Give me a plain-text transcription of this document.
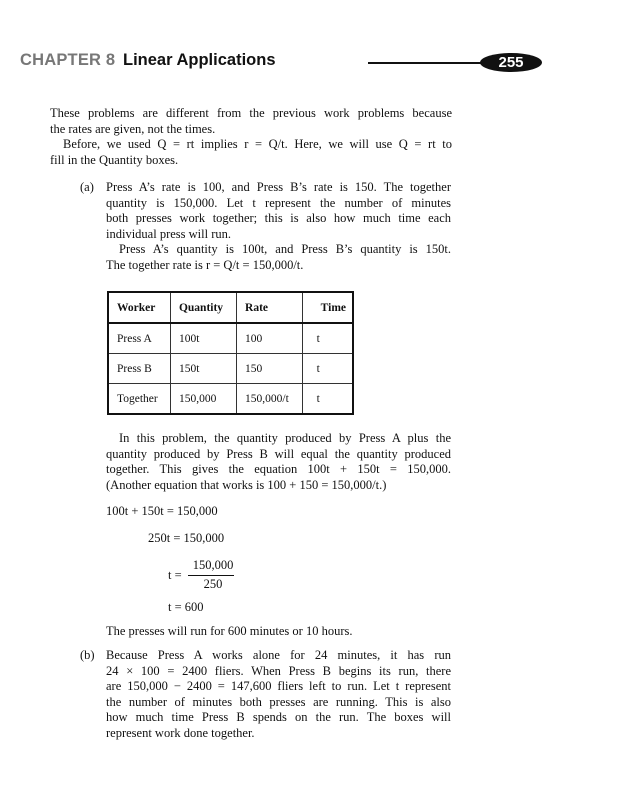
CHAPTER 8 Linear Applications	255
These problems are different from the previous work problems because
the rates are given, not the times.
Before, we used Q = rt implies r = Q/t. Here, we will use Q = rt to
fill in the Quantity boxes.
(a) Press A’s rate is 100, and Press B’s rate is 150. The together
quantity is 150,000. Let t represent the number of minutes
both presses work together; this is also how much time each
individual press will run.
Press A’s quantity is 100t, and Press B’s quantity is 150t.
The together rate is r = Q/t = 150,000/t.
Worker	Quantity	Rate	Time
Press A	100t	100	t
Press B	150t	150	t
Together	150,000	150,000/t	t
In this problem, the quantity produced by Press A plus the
quantity produced by Press B will equal the quantity produced
together. This gives the equation 100t + 150t = 150,000.
(Another equation that works is 100 + 150 = 150,000/t.)
100t + 150t = 150,000
250t = 150,000
t =
150,000
250
t = 600
The presses will run for 600 minutes or 10 hours.
(b) Because Press A works alone for 24 minutes, it has run
24 × 100 = 2400 fliers. When Press B begins its run, there
are 150,000 − 2400 = 147,600 fliers left to run. Let t represent
the number of minutes both presses are running. This is also
how much time Press B spends on the run. The boxes will
represent work done together.
